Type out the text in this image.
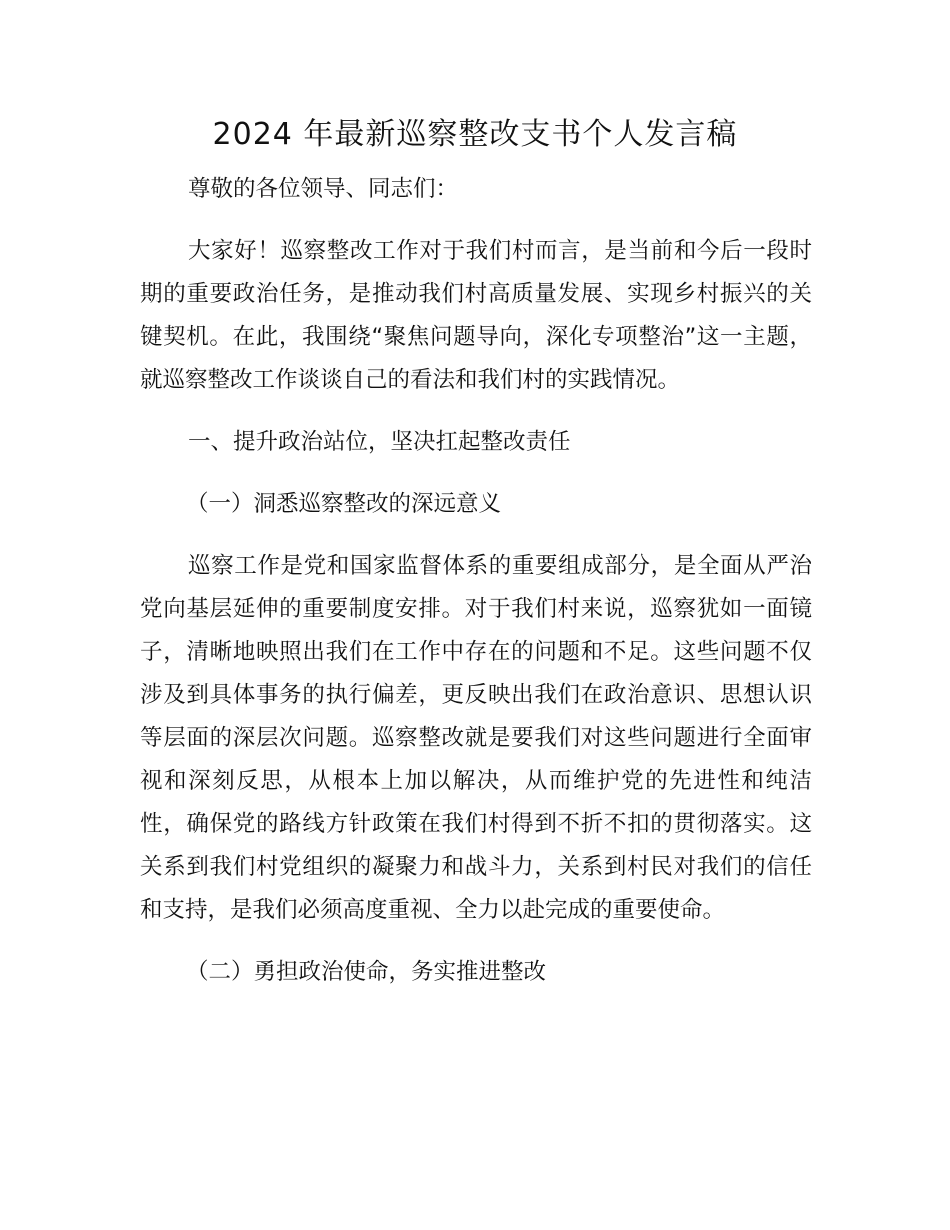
2024 年最新巡察整改支书个人发言稿

尊敬的各位领导、同志们：

大家好！巡察整改工作对于我们村而言，是当前和今后一段时期的重要政治任务，是推动我们村高质量发展、实现乡村振兴的关键契机。在此，我围绕“聚焦问题导向，深化专项整治”这一主题，就巡察整改工作谈谈自己的看法和我们村的实践情况。

一、提升政治站位，坚决扛起整改责任

（一）洞悉巡察整改的深远意义

巡察工作是党和国家监督体系的重要组成部分，是全面从严治党向基层延伸的重要制度安排。对于我们村来说，巡察犹如一面镜子，清晰地映照出我们在工作中存在的问题和不足。这些问题不仅涉及到具体事务的执行偏差，更反映出我们在政治意识、思想认识等层面的深层次问题。巡察整改就是要我们对这些问题进行全面审视和深刻反思，从根本上加以解决，从而维护党的先进性和纯洁性，确保党的路线方针政策在我们村得到不折不扣的贯彻落实。这关系到我们村党组织的凝聚力和战斗力，关系到村民对我们的信任和支持，是我们必须高度重视、全力以赴完成的重要使命。

（二）勇担政治使命，务实推进整改
